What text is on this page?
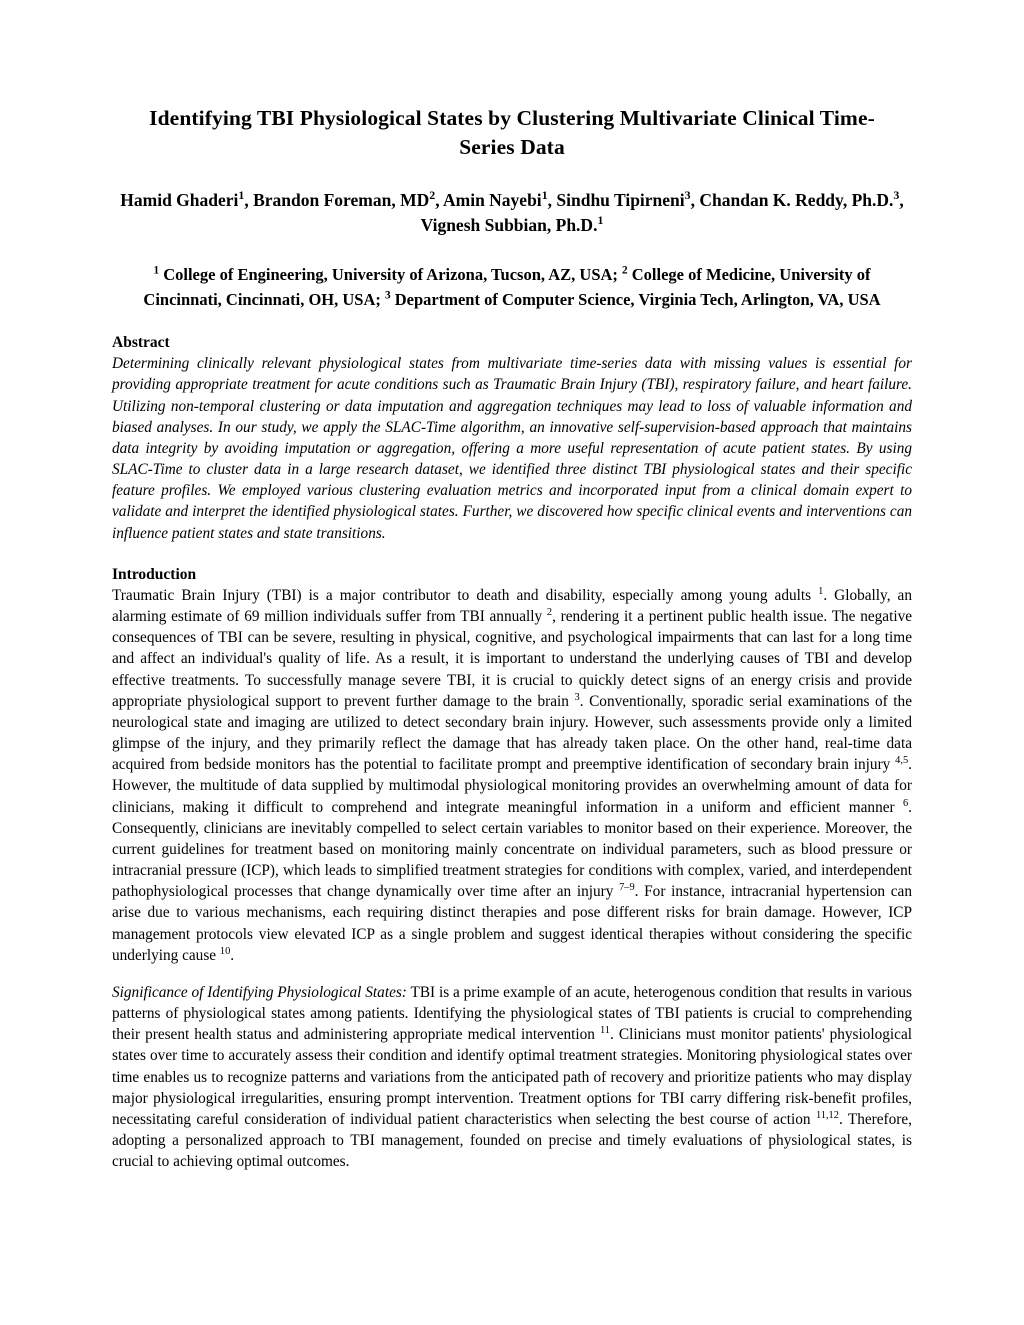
Identifying TBI Physiological States by Clustering Multivariate Clinical Time-Series Data
Hamid Ghaderi$^1$, Brandon Foreman, $MD^2$, Amin Nayebi$^1$, Sindhu Tipirneni$^3$, Chandan K. Reddy, Ph.D.$^3$, Vignesh Subbian, Ph.D.$^1$
$^1$ College of Engineering, University of Arizona, Tucson, AZ, USA; $^2$ College of Medicine, University of Cincinnati, Cincinnati, OH, USA; $^3$ Department of Computer Science, Virginia Tech, Arlington, VA, USA
Abstract

Determining clinically relevant physiological states from multivariate time-series data with missing values is essential for providing appropriate treatment for acute conditions such as Traumatic Brain Injury (TBI), respiratory failure, and heart failure. Utilizing non-temporal clustering or data imputation and aggregation techniques may lead to loss of valuable information and biased analyses. In our study, we apply the SLAC-Time algorithm, an innovative self-supervision-based approach that maintains data integrity by avoiding imputation or aggregation, offering a more useful representation of acute patient states. By using SLAC-Time to cluster data in a large research dataset, we identified three distinct TBI physiological states and their specific feature profiles. We employed various clustering evaluation metrics and incorporated input from a clinical domain expert to validate and interpret the identified physiological states. Further, we discovered how specific clinical events and interventions can influence patient states and state transitions.

Introduction

Traumatic Brain Injury (TBI) is a major contributor to death and disability, especially among young adults $^1$. Globally, an alarming estimate of 69 million individuals suffer from TBI annually $^2$, rendering it a pertinent public health issue. The negative consequences of TBI can be severe, resulting in physical, cognitive, and psychological impairments that can last for a long time and affect an individual's quality of life. As a result, it is important to understand the underlying causes of TBI and develop effective treatments. To successfully manage severe TBI, it is crucial to quickly detect signs of an energy crisis and provide appropriate physiological support to prevent further damage to the brain $^3$. Conventionally, sporadic serial examinations of the neurological state and imaging are utilized to detect secondary brain injury. However, such assessments provide only a limited glimpse of the injury, and they primarily reflect the damage that has already taken place. On the other hand, real-time data acquired from bedside monitors has the potential to facilitate prompt and preemptive identification of secondary brain injury $^{4,5}$. However, the multitude of data supplied by multimodal physiological monitoring provides an overwhelming amount of data for clinicians, making it difficult to comprehend and integrate meaningful information in a uniform and efficient manner $^6$. Consequently, clinicians are inevitably compelled to select certain variables to monitor based on their experience. Moreover, the current guidelines for treatment based on monitoring mainly concentrate on individual parameters, such as blood pressure or intracranial pressure (ICP), which leads to simplified treatment strategies for conditions with complex, varied, and interdependent pathophysiological processes that change dynamically over time after an injury $^{7-9}$. For instance, intracranial hypertension can arise due to various mechanisms, each requiring distinct therapies and pose different risks for brain damage. However, ICP management protocols view elevated ICP as a single problem and suggest identical therapies without considering the specific underlying cause $^{10}$.

Significance of Identifying Physiological States: TBI is a prime example of an acute, heterogenous condition that results in various patterns of physiological states among patients. Identifying the physiological states of TBI patients is crucial to comprehending their present health status and administering appropriate medical intervention $^{11}$. Clinicians must monitor patients' physiological states over time to accurately assess their condition and identify optimal treatment strategies. Monitoring physiological states over time enables us to recognize patterns and variations from the anticipated path of recovery and prioritize patients who may display major physiological irregularities, ensuring prompt intervention. Treatment options for TBI carry differing risk-benefit profiles, necessitating careful consideration of individual patient characteristics when selecting the best course of action $^{11,12}$. Therefore, adopting a personalized approach to TBI management, founded on precise and timely evaluations of physiological states, is crucial to achieving optimal outcomes.
